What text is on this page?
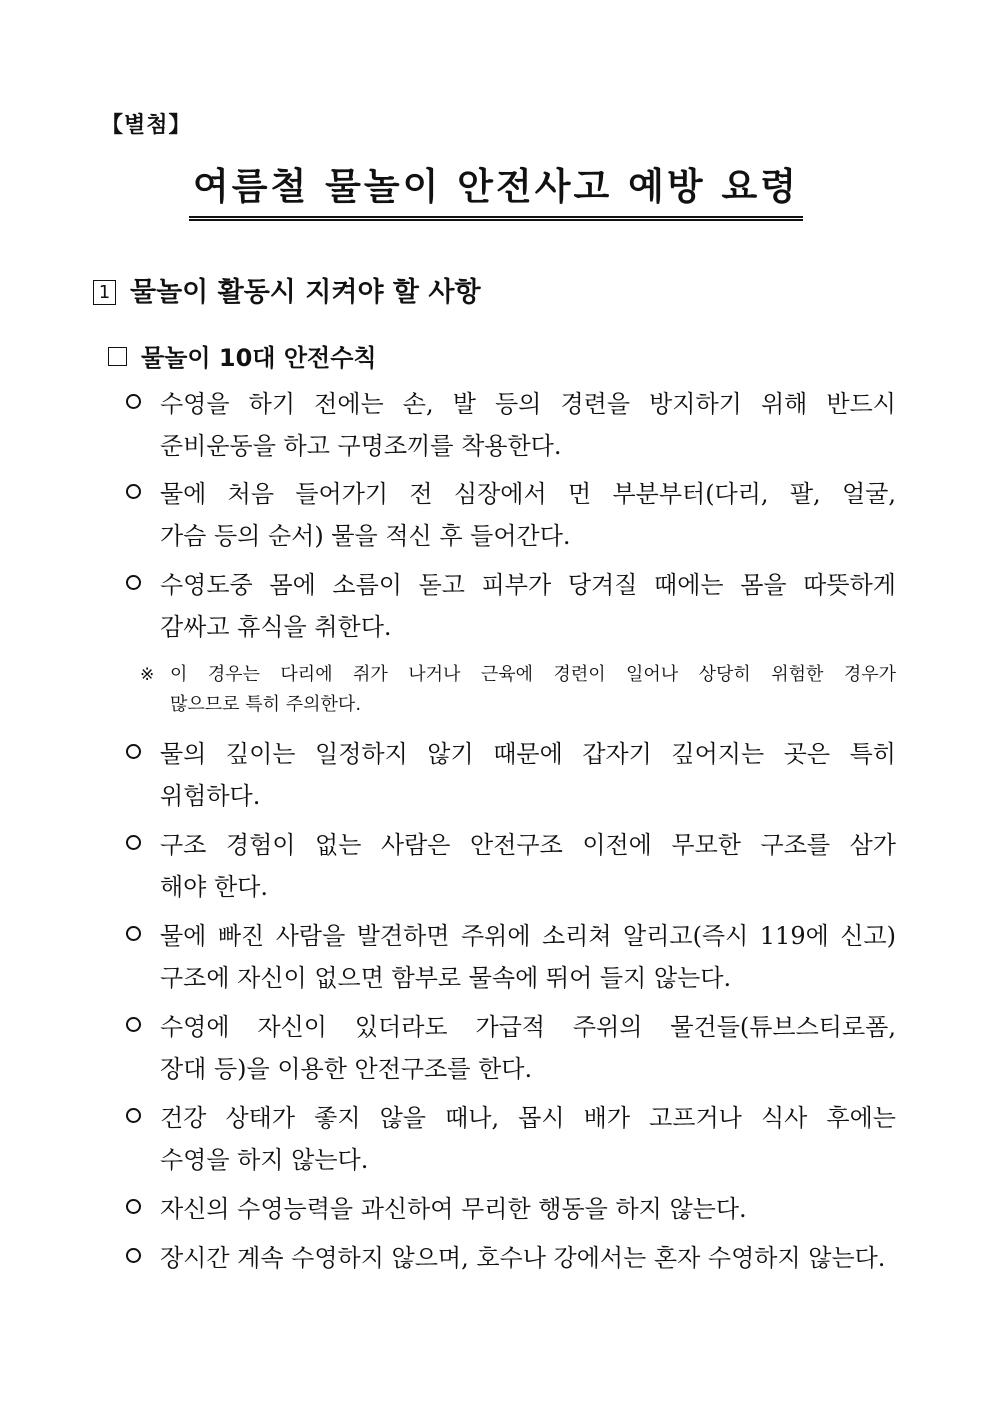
【별첨】
여름철 물놀이 안전사고 예방 요령
1 물놀이 활동시 지켜야 할 사항
물놀이 10대 안전수칙
수영을 하기 전에는 손, 발 등의 경련을 방지하기 위해 반드시
준비운동을 하고 구명조끼를 착용한다.
물에 처음 들어가기 전 심장에서 먼 부분부터(다리, 팔, 얼굴,
가슴 등의 순서) 물을 적신 후 들어간다.
수영도중 몸에 소름이 돋고 피부가 당겨질 때에는 몸을 따뜻하게
감싸고 휴식을 취한다.
※ 이 경우는 다리에 쥐가 나거나 근육에 경련이 일어나 상당히 위험한 경우가
많으므로 특히 주의한다.
물의 깊이는 일정하지 않기 때문에 갑자기 깊어지는 곳은 특히
위험하다.
구조 경험이 없는 사람은 안전구조 이전에 무모한 구조를 삼가
해야 한다.
물에 빠진 사람을 발견하면 주위에 소리쳐 알리고(즉시 119에 신고)
구조에 자신이 없으면 함부로 물속에 뛰어 들지 않는다.
수영에 자신이 있더라도 가급적 주위의 물건들(튜브스티로폼,
장대 등)을 이용한 안전구조를 한다.
건강 상태가 좋지 않을 때나, 몹시 배가 고프거나 식사 후에는
수영을 하지 않는다.
자신의 수영능력을 과신하여 무리한 행동을 하지 않는다.
장시간 계속 수영하지 않으며, 호수나 강에서는 혼자 수영하지 않는다.
